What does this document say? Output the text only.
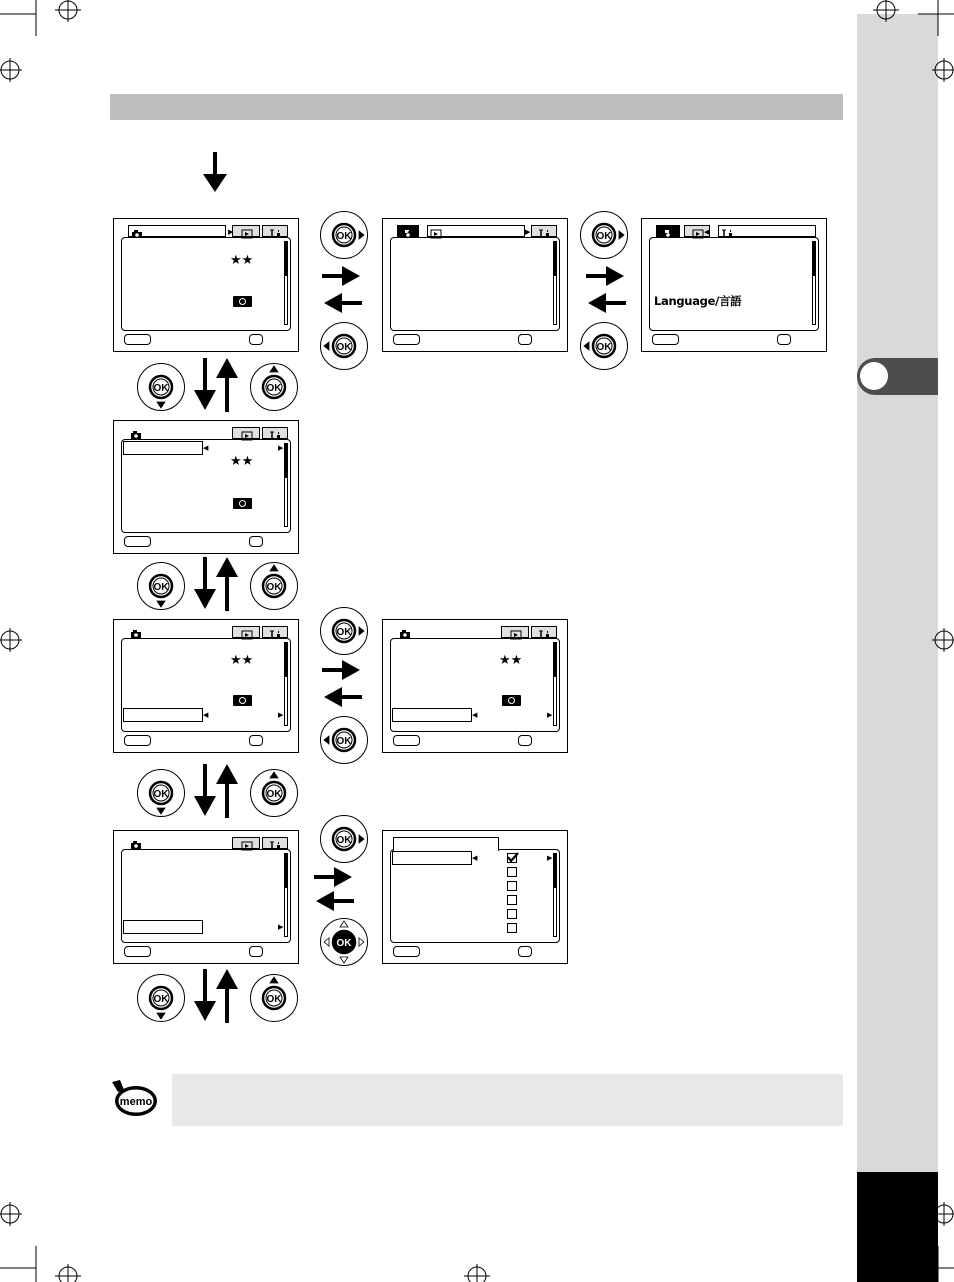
★★
▶	◀	▶	◀
Language/言語
OK
OK
OK
OK
OK	OK
★★
◀	▶
OK	OK
★★
◀	▶
★★
◀	▶
OK
OK
OK	OK
▶
◀	▶
OK
OK
OK	OK
memo
